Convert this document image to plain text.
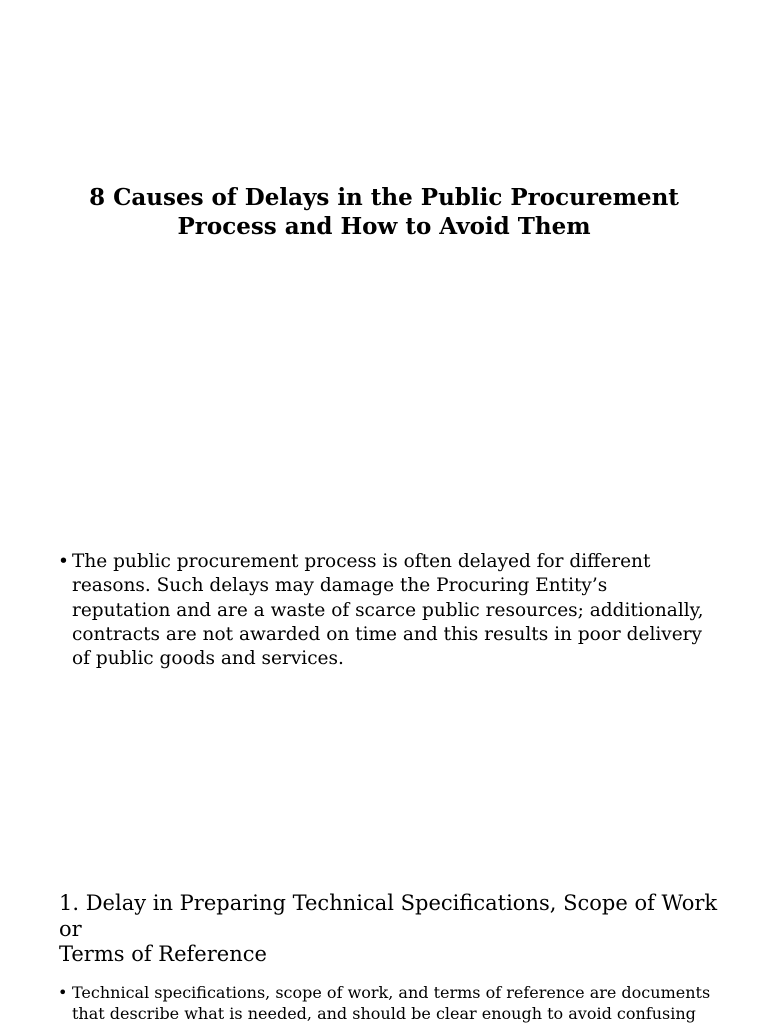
8 Causes of Delays in the Public Procurement
Process and How to Avoid Them
• The public procurement process is often delayed for different
reasons. Such delays may damage the Procuring Entity’s
reputation and are a waste of scarce public resources; additionally,
contracts are not awarded on time and this results in poor delivery
of public goods and services.
1. Delay in Preparing Technical Specifications, Scope of Work or
Terms of Reference
• Technical specifications, scope of work, and terms of reference are documents
that describe what is needed, and should be clear enough to avoid confusing
